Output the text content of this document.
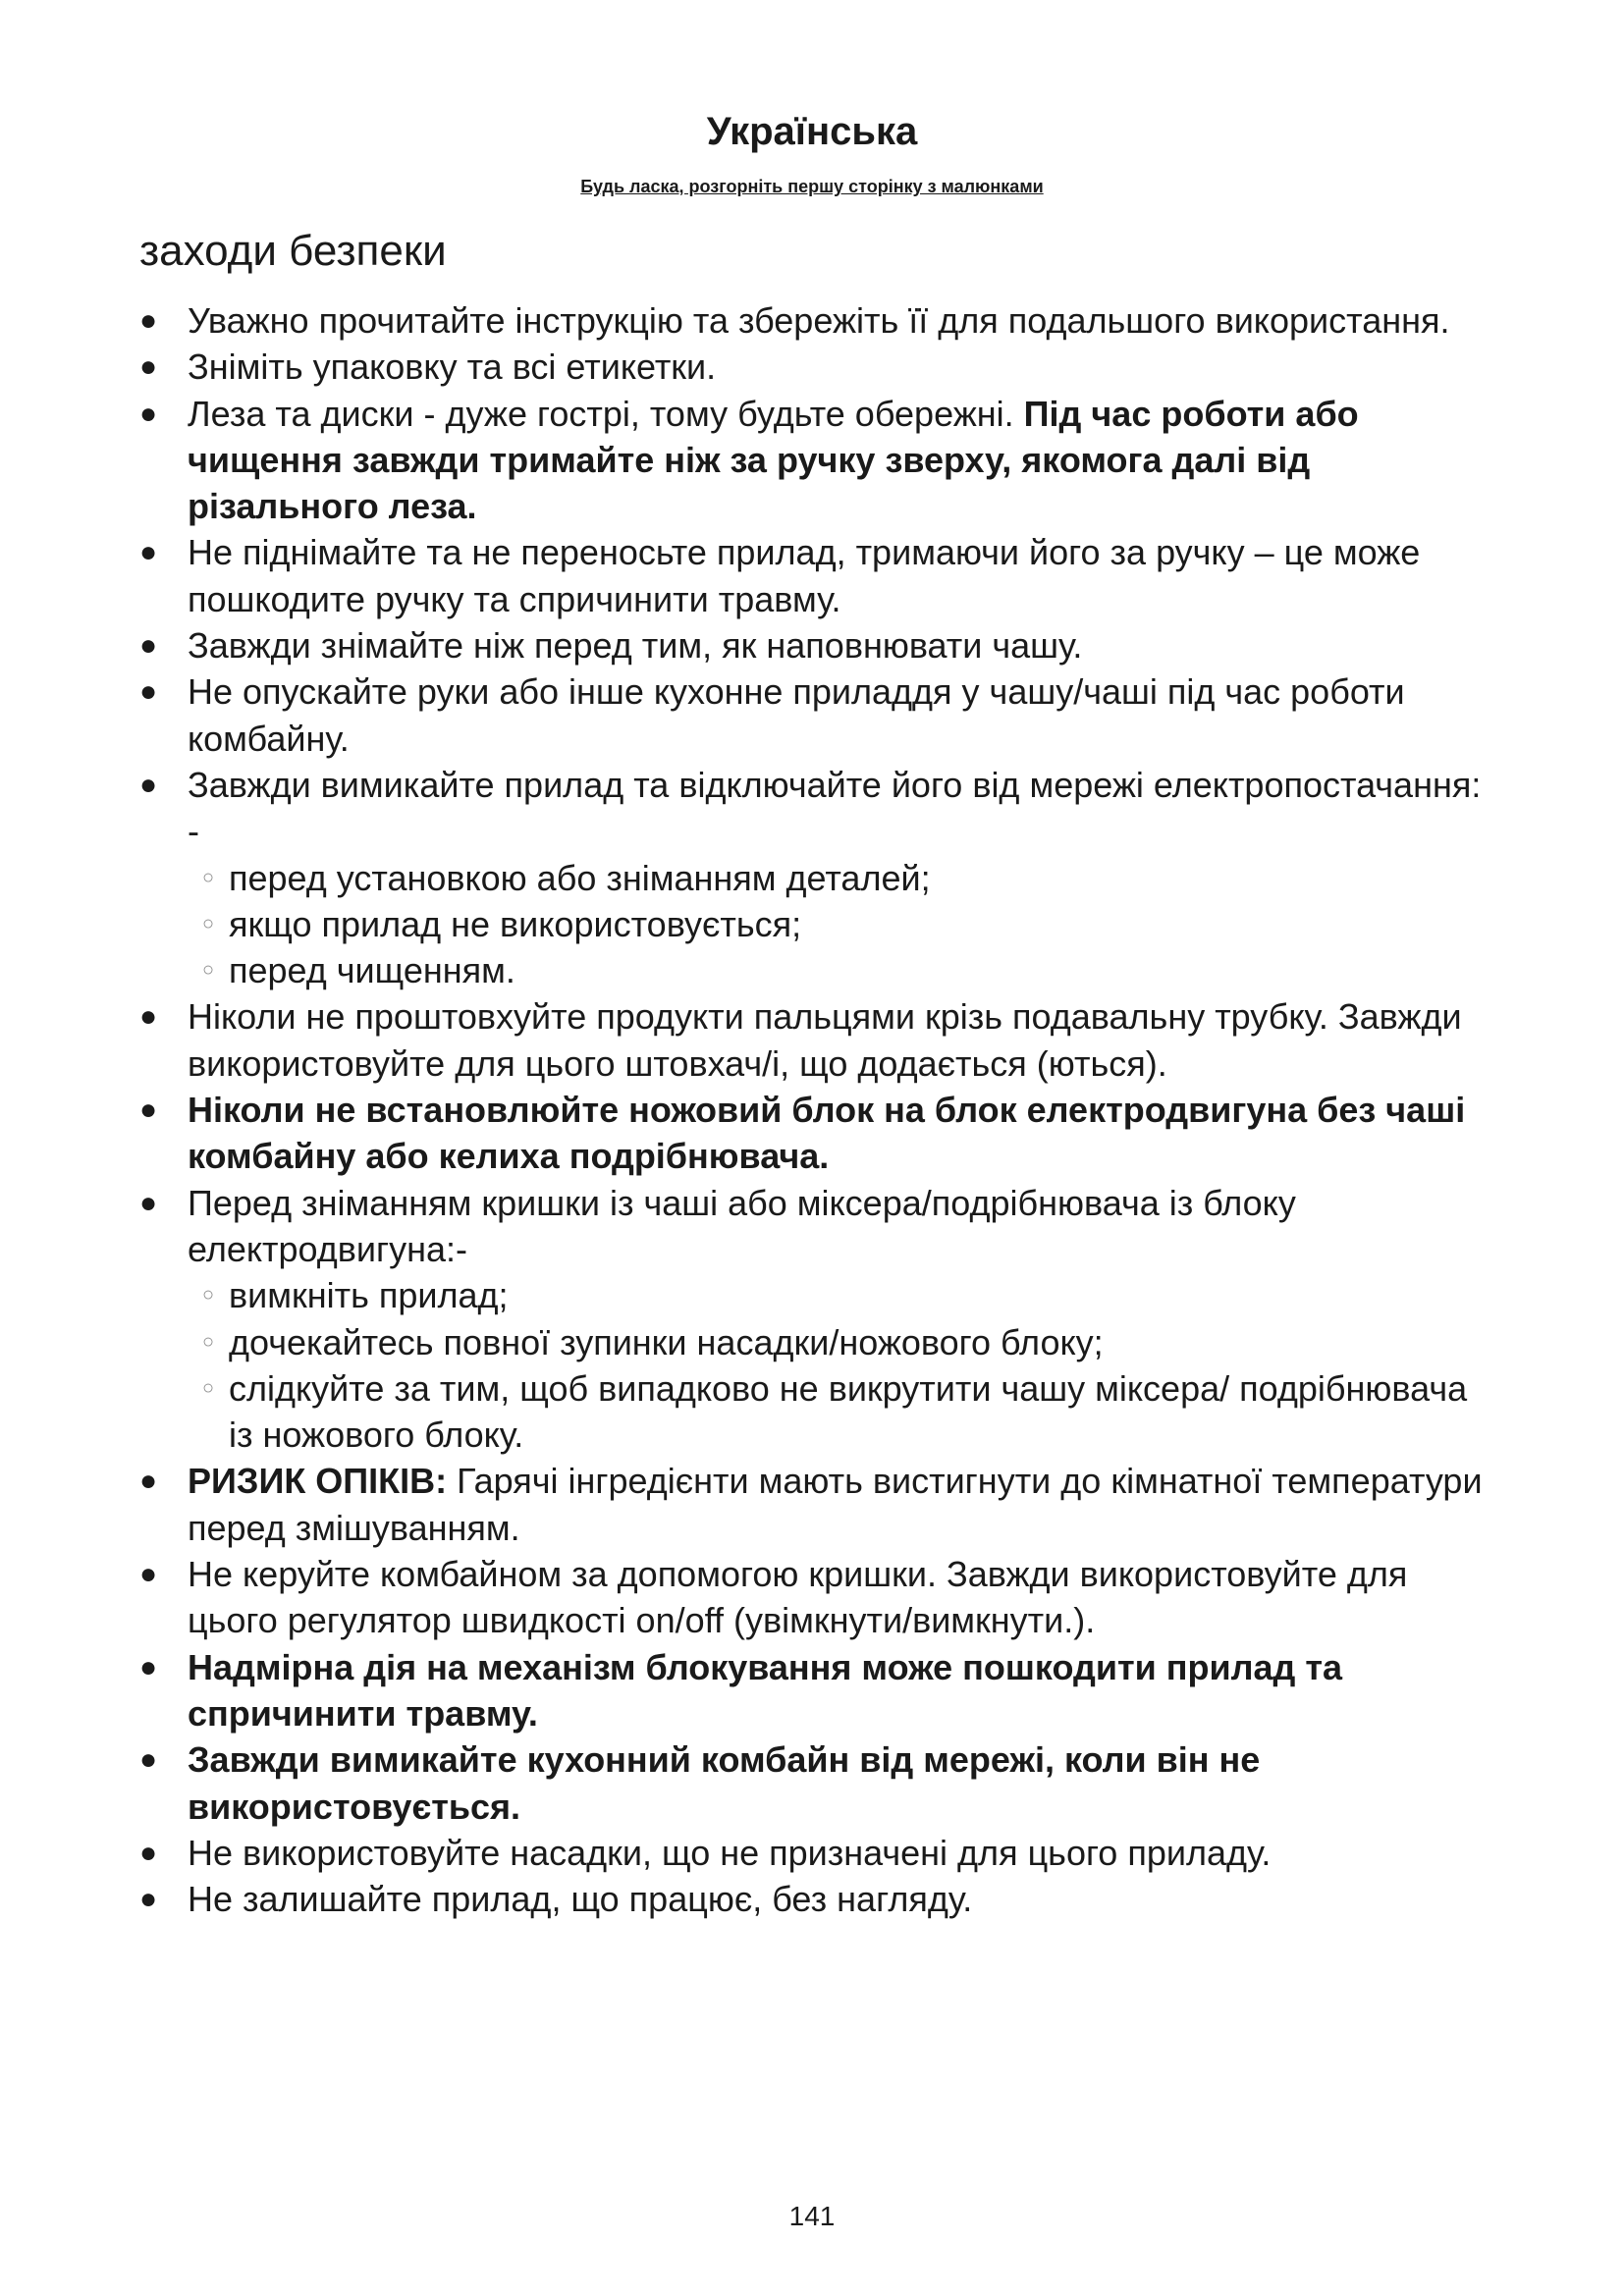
Українська
Будь ласка, розгорніть першу сторінку з малюнками
заходи безпеки
● Уважно прочитайте інструкцію та збережіть її для подальшого використання.
● Зніміть упаковку та всі етикетки.
● Леза та диски - дуже гострі, тому будьте обережні. Під час роботи або чищення завжди тримайте ніж за ручку зверху, якомога далі від різального леза.
● Не піднімайте та не переносьте прилад, тримаючи його за ручку – це може пошкодите ручку та спричинити травму.
● Завжди знімайте ніж перед тим, як наповнювати чашу.
● Не опускайте руки або інше кухонне приладдя у чашу/чаші під час роботи комбайну.
● Завжди вимикайте прилад та відключайте його від мережі електропостачання: -
○ перед установкою або зніманням деталей;
○ якщо прилад не використовується;
○ перед чищенням.
● Ніколи не проштовхуйте продукти пальцями крізь подавальну трубку. Завжди використовуйте для цього штовхач/і, що додається (ються).
● Ніколи не встановлюйте ножовий блок на блок електродвигуна без чаші комбайну або келиха подрібнювача.
● Перед зніманням кришки із чаші або міксера/подрібнювача із блоку електродвигуна:-
○ вимкніть прилад;
○ дочекайтесь повної зупинки насадки/ножового блоку;
○ слідкуйте за тим, щоб випадково не викрутити чашу міксера/ подрібнювача із ножового блоку.
● РИЗИК ОПІКІВ: Гарячі інгредієнти мають вистигнути до кімнатної температури перед змішуванням.
● Не керуйте комбайном за допомогою кришки. Завжди використовуйте для цього регулятор швидкості on/off (увімкнути/вимкнути.).
● Надмірна дія на механізм блокування може пошкодити прилад та спричинити травму.
● Завжди вимикайте кухонний комбайн від мережі, коли він не використовується.
● Не використовуйте насадки, що не призначені для цього приладу.
● Не залишайте прилад, що працює, без нагляду.
141
